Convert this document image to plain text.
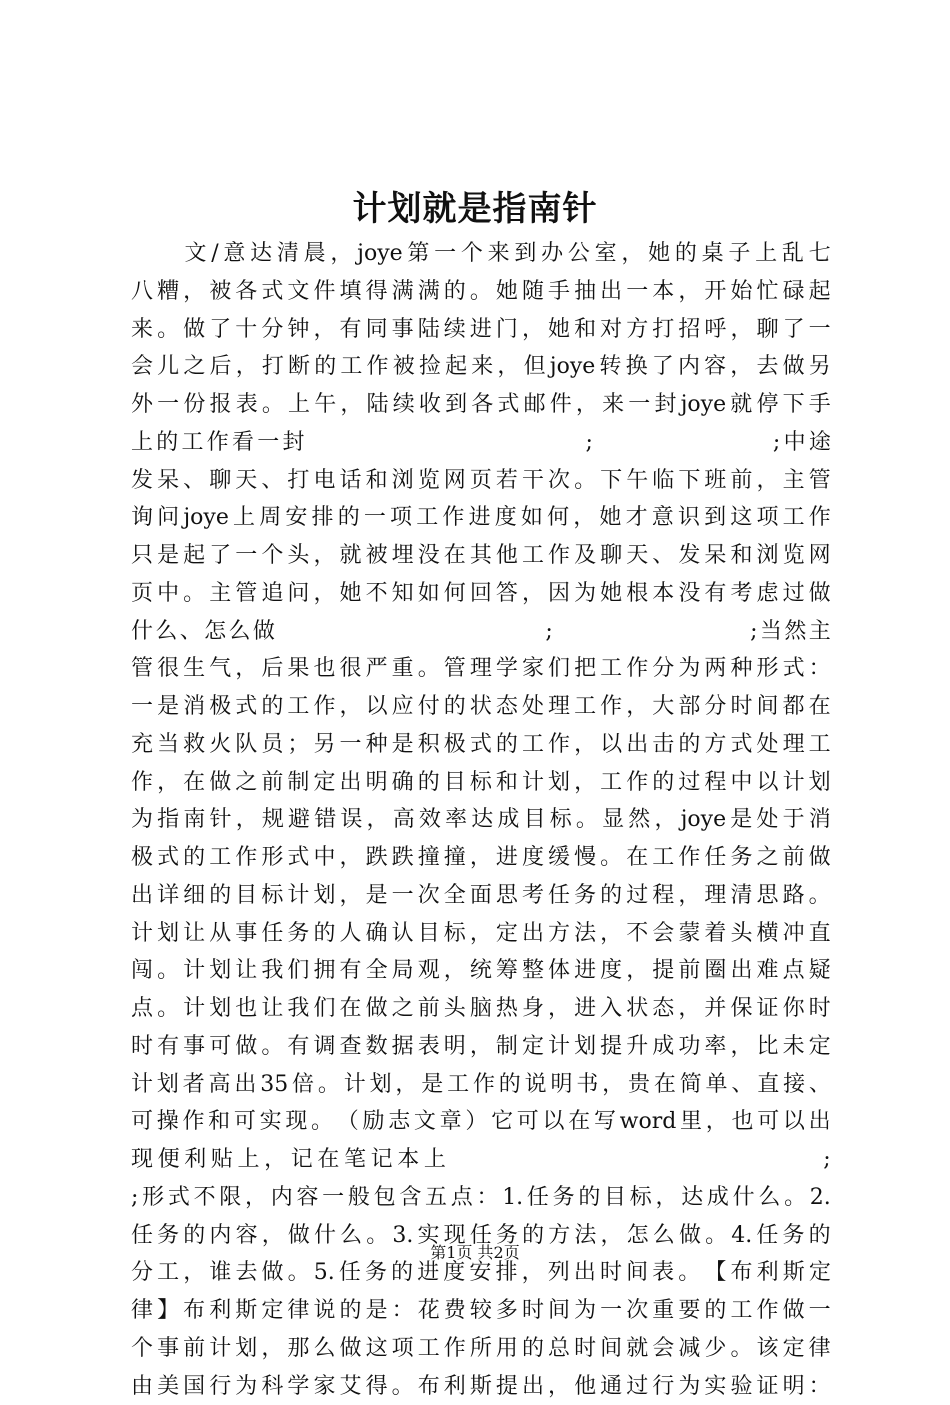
计划就是指南针

文 / 意 达 清 晨 ， joye 第 一 个 来 到 办 公 室 ， 她 的 桌 子 上 乱 七
八 糟 ， 被 各 式 文 件 填 得 满 满 的 。 她 随 手 抽 出 一 本 ， 开 始 忙 碌 起
来 。 做 了 十 分 钟 ， 有 同 事 陆 续 进 门 ， 她 和 对 方 打 招 呼 ， 聊 了 一
会 儿 之 后 ， 打 断 的 工 作 被 捡 起 来 ， 但 joye 转 换 了 内 容 ， 去 做 另
外 一 份 报 表 。 上 午 ， 陆 续 收 到 各 式 邮 件 ， 来 一 封 joye 就 停 下 手
上 的 工 作 看 一 封

　	;

　	; 中 途
发 呆 、 聊 天 、 打 电 话 和 浏 览 网 页 若 干 次 。 下 午 临 下 班 前 ， 主 管
询 问 joye 上 周 安 排 的 一 项 工 作 进 度 如 何 ， 她 才 意 识 到 这 项 工 作
只 是 起 了 一 个 头 ， 就 被 埋 没 在 其 他 工 作 及 聊 天 、 发 呆 和 浏 览 网
页 中 。 主 管 追 问 ， 她 不 知 如 何 回 答 ， 因 为 她 根 本 没 有 考 虑 过 做
什 么 、 怎 么 做

　	;

　	; 当 然 主
管 很 生 气 ， 后 果 也 很 严 重 。 管 理 学 家 们 把 工 作 分 为 两 种 形 式 ：
一 是 消 极 式 的 工 作 ， 以 应 付 的 状 态 处 理 工 作 ， 大 部 分 时 间 都 在
充 当 救 火 队 员 ； 另 一 种 是 积 极 式 的 工 作 ， 以 出 击 的 方 式 处 理 工
作 ， 在 做 之 前 制 定 出 明 确 的 目 标 和 计 划 ， 工 作 的 过 程 中 以 计 划
为 指 南 针 ， 规 避 错 误 ， 高 效 率 达 成 目 标 。 显 然 ， joye 是 处 于 消
极 式 的 工 作 形 式 中 ， 跌 跌 撞 撞 ， 进 度 缓 慢 。 在 工 作 任 务 之 前 做
出 详 细 的 目 标 计 划 ， 是 一 次 全 面 思 考 任 务 的 过 程 ， 理 清 思 路 。
计 划 让 从 事 任 务 的 人 确 认 目 标 ， 定 出 方 法 ， 不 会 蒙 着 头 横 冲 直
闯 。 计 划 让 我 们 拥 有 全 局 观 ， 统 筹 整 体 进 度 ， 提 前 圈 出 难 点 疑
点 。 计 划 也 让 我 们 在 做 之 前 头 脑 热 身 ， 进 入 状 态 ， 并 保 证 你 时
时 有 事 可 做 。 有 调 查 数 据 表 明 ， 制 定 计 划 提 升 成 功 率 ， 比 未 定
计 划 者 高 出 35 倍 。 计 划 ， 是 工 作 的 说 明 书 ， 贵 在 简 单 、 直 接 、
可 操 作 和 可 实 现 。 （ 励 志 文 章 ） 它 可 以 在 写 word 里 ， 也 可 以 出
现 便 利 贴 上 ， 记 在 笔 记 本 上

　	;
; 形 式 不 限 ， 内 容 一 般 包 含 五 点 ： 1. 任 务 的 目 标 ， 达 成 什 么 。 2.
任 务 的 内 容 ， 做 什 么 。 3. 实 现 任 务 的 方 法 ， 怎 么 做 。 4. 任 务 的
分 工 ， 谁 去 做 。 5. 任 务 的 进 度 安 排 ， 列 出 时 间 表 。 【 布 利 斯 定
律 】 布 利 斯 定 律 说 的 是 ： 花 费 较 多 时 间 为 一 次 重 要 的 工 作 做 一
个 事 前 计 划 ， 那 么 做 这 项 工 作 所 用 的 总 时 间 就 会 减 少 。 该 定 律
由 美 国 行 为 科 学 家 艾 得 。 布 利 斯 提 出 ， 他 通 过 行 为 实 验 证 明 ：
第1页 共2页
